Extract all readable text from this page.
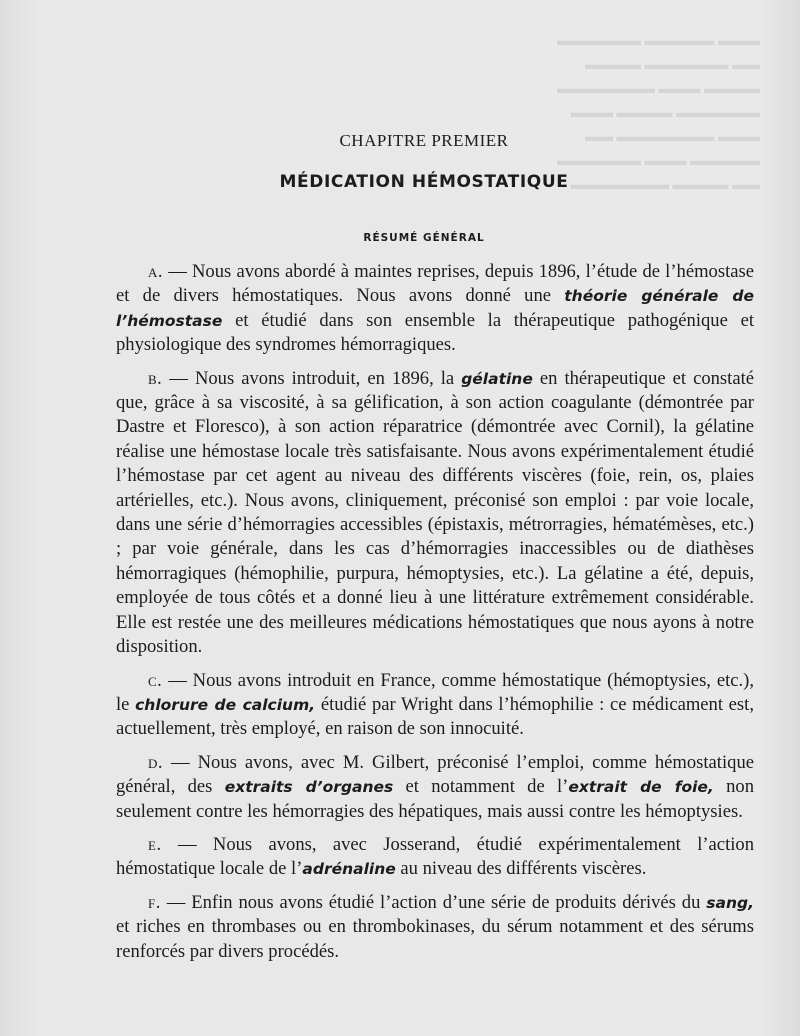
▬▬▬ ▬▬▬▬▬ ▬▬▬▬▬▬
▬▬ ▬▬▬▬▬▬ ▬▬▬▬
▬▬▬▬ ▬▬▬ ▬▬▬▬▬▬▬
▬▬▬▬▬▬ ▬▬▬▬ ▬▬▬
▬▬▬ ▬▬▬▬▬▬▬ ▬▬
▬▬▬▬▬ ▬▬▬ ▬▬▬▬▬▬
▬▬ ▬▬▬▬ ▬▬▬▬▬▬▬
CHAPITRE PREMIER
MÉDICATION HÉMOSTATIQUE
RÉSUMÉ GÉNÉRAL

a. — Nous avons abordé à maintes reprises, depuis 1896, l’étude de l’hémostase et de divers hémostatiques. Nous avons donné une théorie générale de l’hémostase et étudié dans son ensemble la thérapeutique pathogénique et physiologique des syndromes hémorragiques.

b. — Nous avons introduit, en 1896, la gélatine en thérapeutique et constaté que, grâce à sa viscosité, à sa gélification, à son action coagulante (démontrée par Dastre et Floresco), à son action réparatrice (démontrée avec Cornil), la gélatine réalise une hémostase locale très satisfaisante. Nous avons expérimentalement étudié l’hémostase par cet agent au niveau des différents viscères (foie, rein, os, plaies artérielles, etc.). Nous avons, cliniquement, préconisé son emploi : par voie locale, dans une série d’hémorragies accessibles (épistaxis, métrorragies, hématémèses, etc.) ; par voie générale, dans les cas d’hémorragies inaccessibles ou de diathèses hémorragiques (hémophilie, purpura, hémoptysies, etc.). La gélatine a été, depuis, employée de tous côtés et a donné lieu à une littérature extrêmement considérable. Elle est restée une des meilleures médications hémostatiques que nous ayons à notre disposition.

c. — Nous avons introduit en France, comme hémostatique (hémoptysies, etc.), le chlorure de calcium, étudié par Wright dans l’hémophilie : ce médicament est, actuellement, très employé, en raison de son innocuité.

d. — Nous avons, avec M. Gilbert, préconisé l’emploi, comme hémostatique général, des extraits d’organes et notamment de l’extrait de foie, non seulement contre les hémorragies des hépatiques, mais aussi contre les hémoptysies.

e. — Nous avons, avec Josserand, étudié expérimentalement l’action hémostatique locale de l’adrénaline au niveau des différents viscères.

f. — Enfin nous avons étudié l’action d’une série de produits dérivés du sang, et riches en thrombases ou en thrombokinases, du sérum notamment et des sérums renforcés par divers procédés.
